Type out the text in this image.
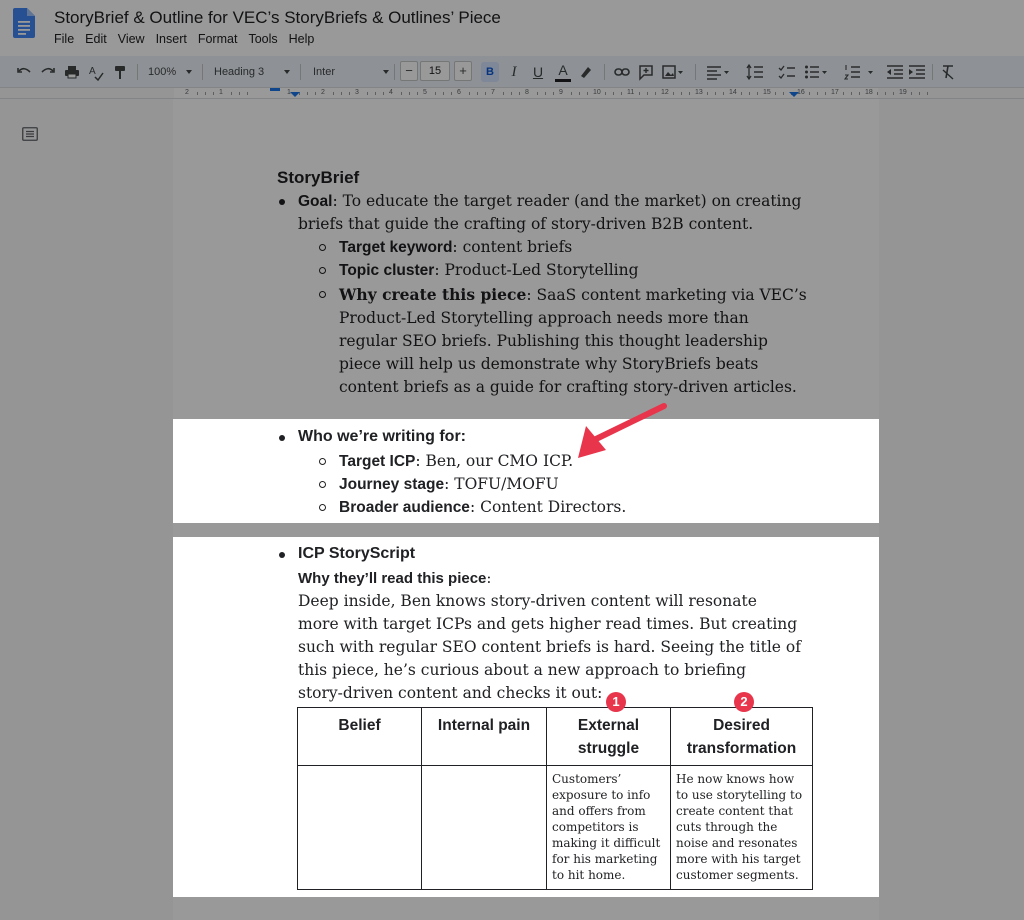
StoryBrief & Outline for VEC’s StoryBriefs & Outlines’ Piece
File Edit View Insert Format Tools Help
A	100%	Heading 3	Inter	−	15	+	B	I	U A
2	1	1	2	3	4	5	6	7	8	9	10	11	12	13	14	15	16	17	18	19
StoryBrief
Goal: To educate the target reader (and the market) on creating
briefs that guide the crafting of story-driven B2B content.
Target keyword: content briefs
Topic cluster: Product-Led Storytelling
Why create this piece: SaaS content marketing via VEC’s
Product-Led Storytelling approach needs more than
regular SEO briefs. Publishing this thought leadership
piece will help us demonstrate why StoryBriefs beats
content briefs as a guide for crafting story-driven articles.
Who we’re writing for:
Target ICP: Ben, our CMO ICP.
Journey stage: TOFU/MOFU
Broader audience: Content Directors.
ICP StoryScript
Why they’ll read this piece:
Deep inside, Ben knows story-driven content will resonate
more with target ICPs and gets higher read times. But creating
such with regular SEO content briefs is hard. Seeing the title of
this piece, he’s curious about a new approach to briefing
story-driven content and checks it out:
Belief	Internal pain	External struggle	Desired transformation
		Customers’ exposure to info and offers from competitors is making it difficult for his marketing to hit home.	He now knows how to use storytelling to create content that cuts through the noise and resonates more with his target customer segments.
1	2
